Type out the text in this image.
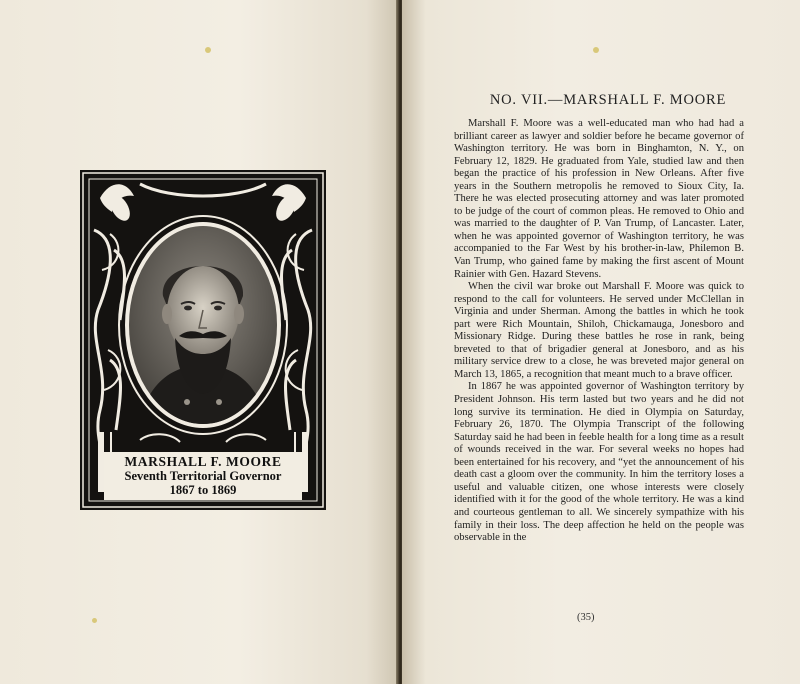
MARSHALL F. MOORE
Seventh Territorial Governor
1867 to 1869
NO. VII.—MARSHALL F. MOORE

Marshall F. Moore was a well-educated man who had had a brilliant career as lawyer and soldier before he became governor of Washington territory. He was born in Binghamton, N. Y., on February 12, 1829. He graduated from Yale, studied law and then began the practice of his profession in New Orleans. After five years in the Southern metropolis he removed to Sioux City, Ia. There he was elected prosecuting attorney and was later promoted to be judge of the court of common pleas. He removed to Ohio and was married to the daughter of P. Van Trump, of Lancaster. Later, when he was appointed governor of Washington territory, he was accompanied to the Far West by his brother-in-law, Philemon B. Van Trump, who gained fame by making the first ascent of Mount Rainier with Gen. Hazard Stevens.

When the civil war broke out Marshall F. Moore was quick to respond to the call for volunteers. He served under McClellan in Virginia and under Sherman. Among the battles in which he took part were Rich Mountain, Shiloh, Chickamauga, Jonesboro and Missionary Ridge. During these battles he rose in rank, being breveted to that of brigadier general at Jonesboro, and as his military service drew to a close, he was breveted major general on March 13, 1865, a recognition that meant much to a brave officer.

In 1867 he was appointed governor of Washington territory by President Johnson. His term lasted but two years and he did not long survive its termination. He died in Olympia on Saturday, February 26, 1870. The Olympia Transcript of the following Saturday said he had been in feeble health for a long time as a result of wounds received in the war. For several weeks no hopes had been entertained for his recovery, and “yet the announcement of his death cast a gloom over the community. In him the territory loses a useful and valuable citizen, one whose interests were closely identified with it for the good of the whole territory. He was a kind and courteous gentleman to all. We sincerely sympathize with his family in their loss. The deep affection he held on the people was observable in the

(35)
